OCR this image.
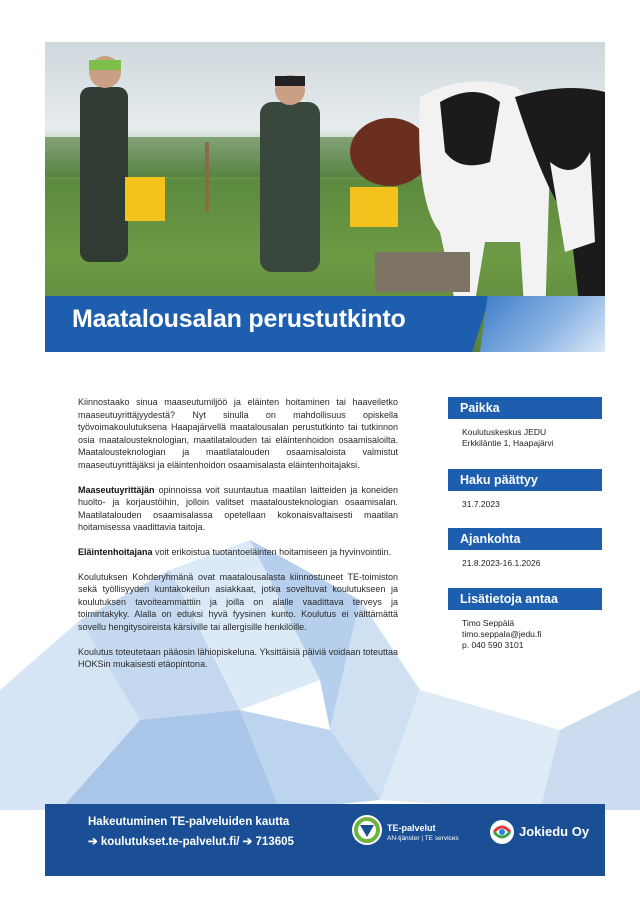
Maatalousalan perustutkinto

Kiinnostaako sinua maaseutumiljöö ja eläinten hoitaminen tai haaveiletko maaseutuyrittäjyydestä? Nyt sinulla on mahdollisuus opiskella työvoimakoulutuksena Haapajärvellä maatalousalan perustutkinto tai tutkinnon osia maatalousteknologian, maatilatalouden tai eläintenhoidon osaamisaloilta. Maatalousteknologian ja maatilatalouden osaamisaloista valmistut maaseutuyrittäjäksi ja eläintenhoidon osaamisalasta eläintenhoitajaksi.

Maaseutuyrittäjän opinnoissa voit suuntautua maatilan laitteiden ja koneiden huolto- ja korjaustöihin, jolloin valitset maatalousteknologian osaamisalan. Maatilatalouden osaamisalassa opetellaan kokonaisvaltaisesti maatilan hoitamisessa vaadittavia taitoja.

Eläintenhoitajana voit erikoistua tuotantoeläinten hoitamiseen ja hyvinvointiin.

Koulutuksen Kohderyhmänä ovat maatalousalasta kiinnostuneet TE-toimiston sekä työllisyyden kuntakokeilun asiakkaat, jotka soveltuvat koulutukseen ja koulutuksen tavoiteammattiin ja joilla on alalle vaadittava terveys ja toimintakyky. Alalla on eduksi hyvä fyysinen kunto. Koulutus ei välttämättä sovellu hengitysoireista kärsiville tai allergisille henkilöille.

Koulutus toteutetaan pääosin lähiopiskeluna. Yksittäisiä päiviä voidaan toteuttaa HOKSin mukaisesti etäopintona.

Paikka
Koulutuskeskus JEDU
Erkkiläntie 1, Haapajärvi
Haku päättyy
31.7.2023
Ajankohta
21.8.2023-16.1.2026
Lisätietoja antaa
Timo Seppälä
timo.seppala@jedu.fi
p. 040 590 3101
Hakeutuminen TE-palveluiden kautta
➔ koulutukset.te-palvelut.fi/ ➔ 713605
TE-palvelut
AN-tjänster | TE services	Jokiedu Oy
